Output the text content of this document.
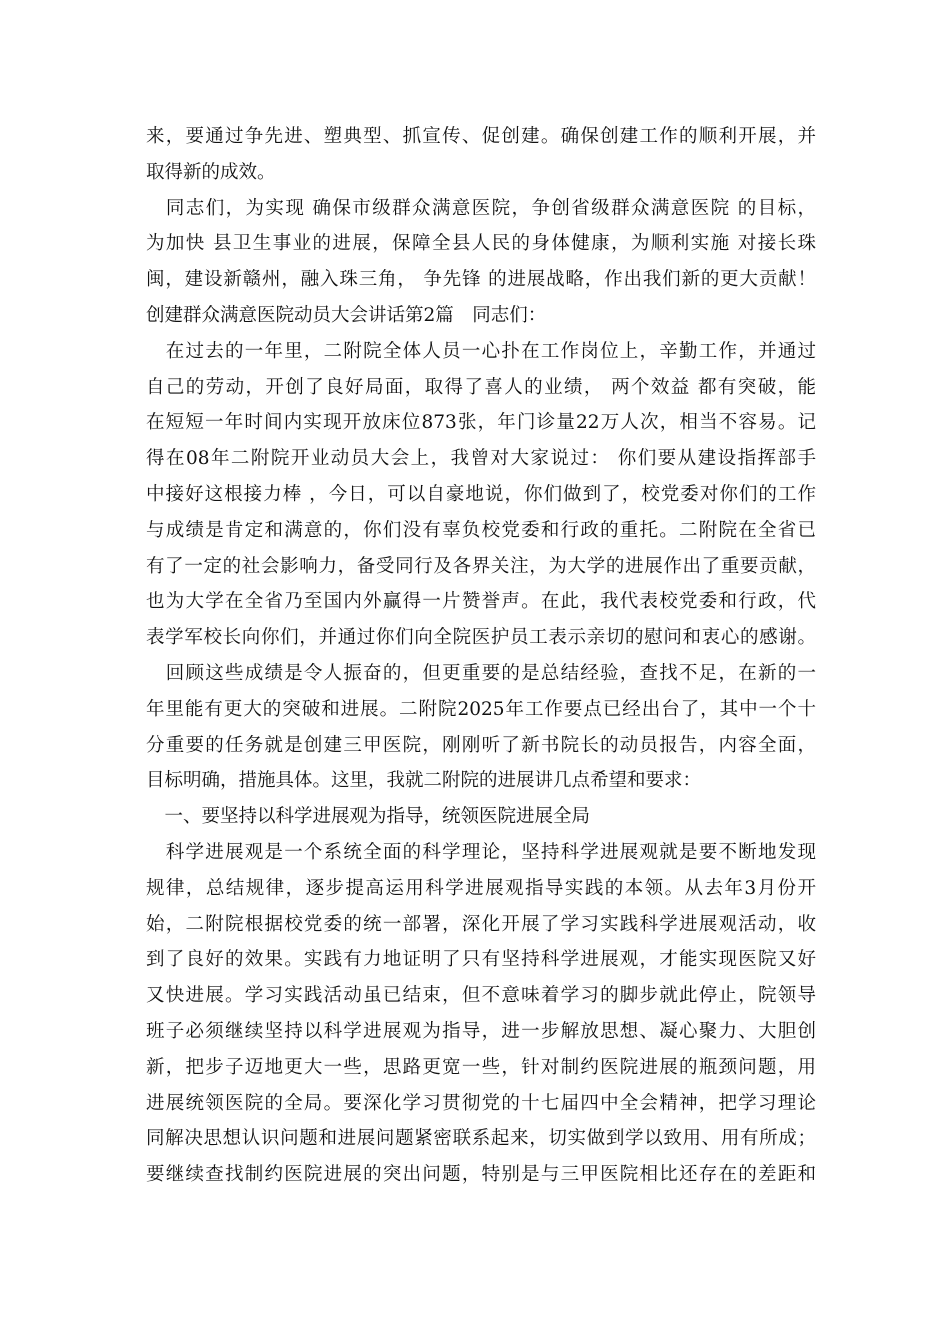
来，要通过争先进、塑典型、抓宣传、促创建。确保创建工作的顺利开展，并
取得新的成效。
　同志们，为实现 确保市级群众满意医院，争创省级群众满意医院 的目标，
为加快 县卫生事业的进展，保障全县人民的身体健康，为顺利实施 对接长珠
闽，建设新赣州，融入珠三角， 争先锋 的进展战略，作出我们新的更大贡献！
创建群众满意医院动员大会讲话第2篇　同志们：
　在过去的一年里，二附院全体人员一心扑在工作岗位上，辛勤工作，并通过
自己的劳动，开创了良好局面，取得了喜人的业绩， 两个效益 都有突破，能
在短短一年时间内实现开放床位873张，年门诊量22万人次，相当不容易。记
得在08年二附院开业动员大会上，我曾对大家说过： 你们要从建设指挥部手
中接好这根接力棒 ，今日，可以自豪地说，你们做到了，校党委对你们的工作
与成绩是肯定和满意的，你们没有辜负校党委和行政的重托。二附院在全省已
有了一定的社会影响力，备受同行及各界关注，为大学的进展作出了重要贡献，
也为大学在全省乃至国内外赢得一片赞誉声。在此，我代表校党委和行政，代
表学军校长向你们，并通过你们向全院医护员工表示亲切的慰问和衷心的感谢。
　回顾这些成绩是令人振奋的，但更重要的是总结经验，查找不足，在新的一
年里能有更大的突破和进展。二附院2025年工作要点已经出台了，其中一个十
分重要的任务就是创建三甲医院，刚刚听了新书院长的动员报告，内容全面，
目标明确，措施具体。这里，我就二附院的进展讲几点希望和要求：
　一、要坚持以科学进展观为指导，统领医院进展全局
　科学进展观是一个系统全面的科学理论，坚持科学进展观就是要不断地发现
规律，总结规律，逐步提高运用科学进展观指导实践的本领。从去年3月份开
始，二附院根据校党委的统一部署，深化开展了学习实践科学进展观活动，收
到了良好的效果。实践有力地证明了只有坚持科学进展观，才能实现医院又好
又快进展。学习实践活动虽已结束，但不意味着学习的脚步就此停止，院领导
班子必须继续坚持以科学进展观为指导，进一步解放思想、凝心聚力、大胆创
新，把步子迈地更大一些，思路更宽一些，针对制约医院进展的瓶颈问题，用
进展统领医院的全局。要深化学习贯彻党的十七届四中全会精神，把学习理论
同解决思想认识问题和进展问题紧密联系起来，切实做到学以致用、用有所成；
要继续查找制约医院进展的突出问题，特别是与三甲医院相比还存在的差距和
